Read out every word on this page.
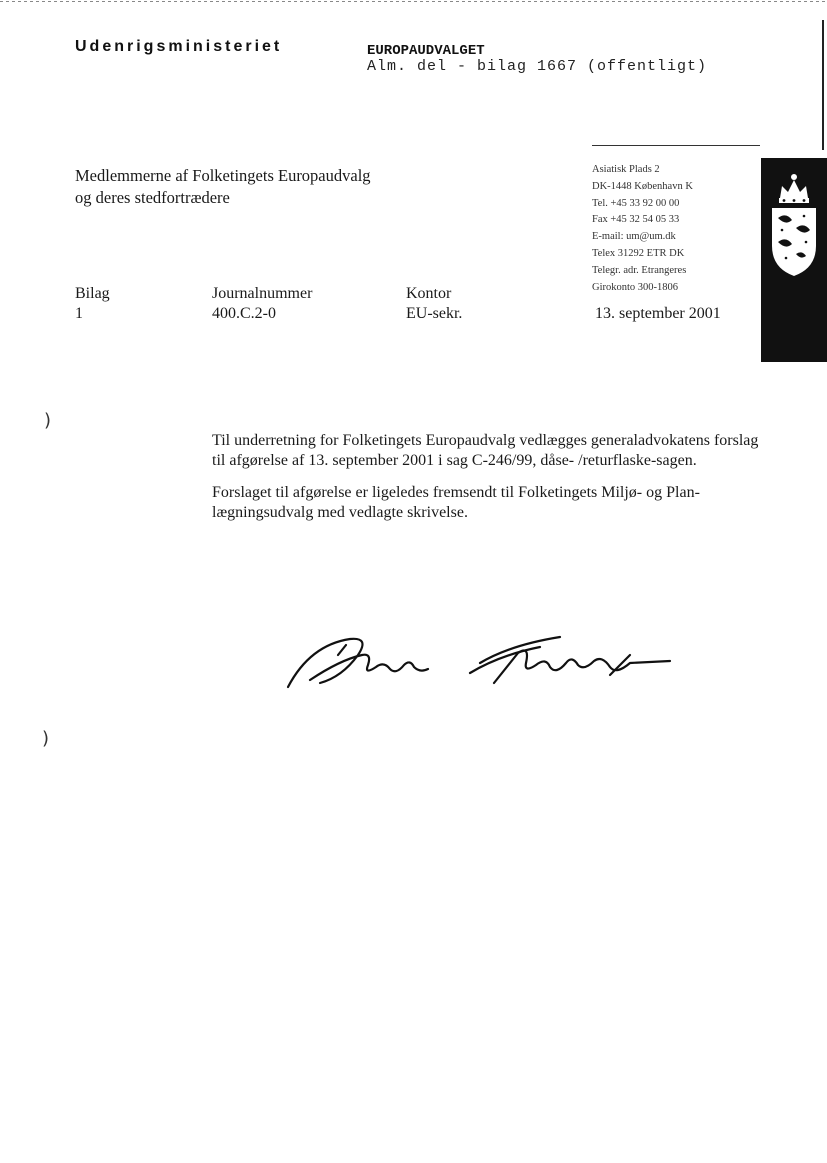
Udenrigsministeriet	EUROPAUDVALGET
Alm. del - bilag 1667 (offentligt)
Medlemmerne af Folketingets Europaudvalg
og deres stedfortrædere
Asiatisk Plads 2
DK-1448 København K
Tel. +45 33 92 00 00
Fax +45 32 54 05 33
E-mail: um@um.dk
Telex 31292 ETR DK
Telegr. adr. Etrangeres
Girokonto 300-1806
Bilag
1
Journalnummer
400.C.2-0
Kontor
EU-sekr.	13. september 2001

Til underretning for Folketingets Europaudvalg vedlægges generaladvokatens forslag til afgørelse af 13. september 2001 i sag C-246/99, dåse- /returflaske-sagen.

Forslaget til afgørelse er ligeledes fremsendt til Folketingets Miljø- og Plan-lægningsudvalg med vedlagte skrivelse.

)
)
